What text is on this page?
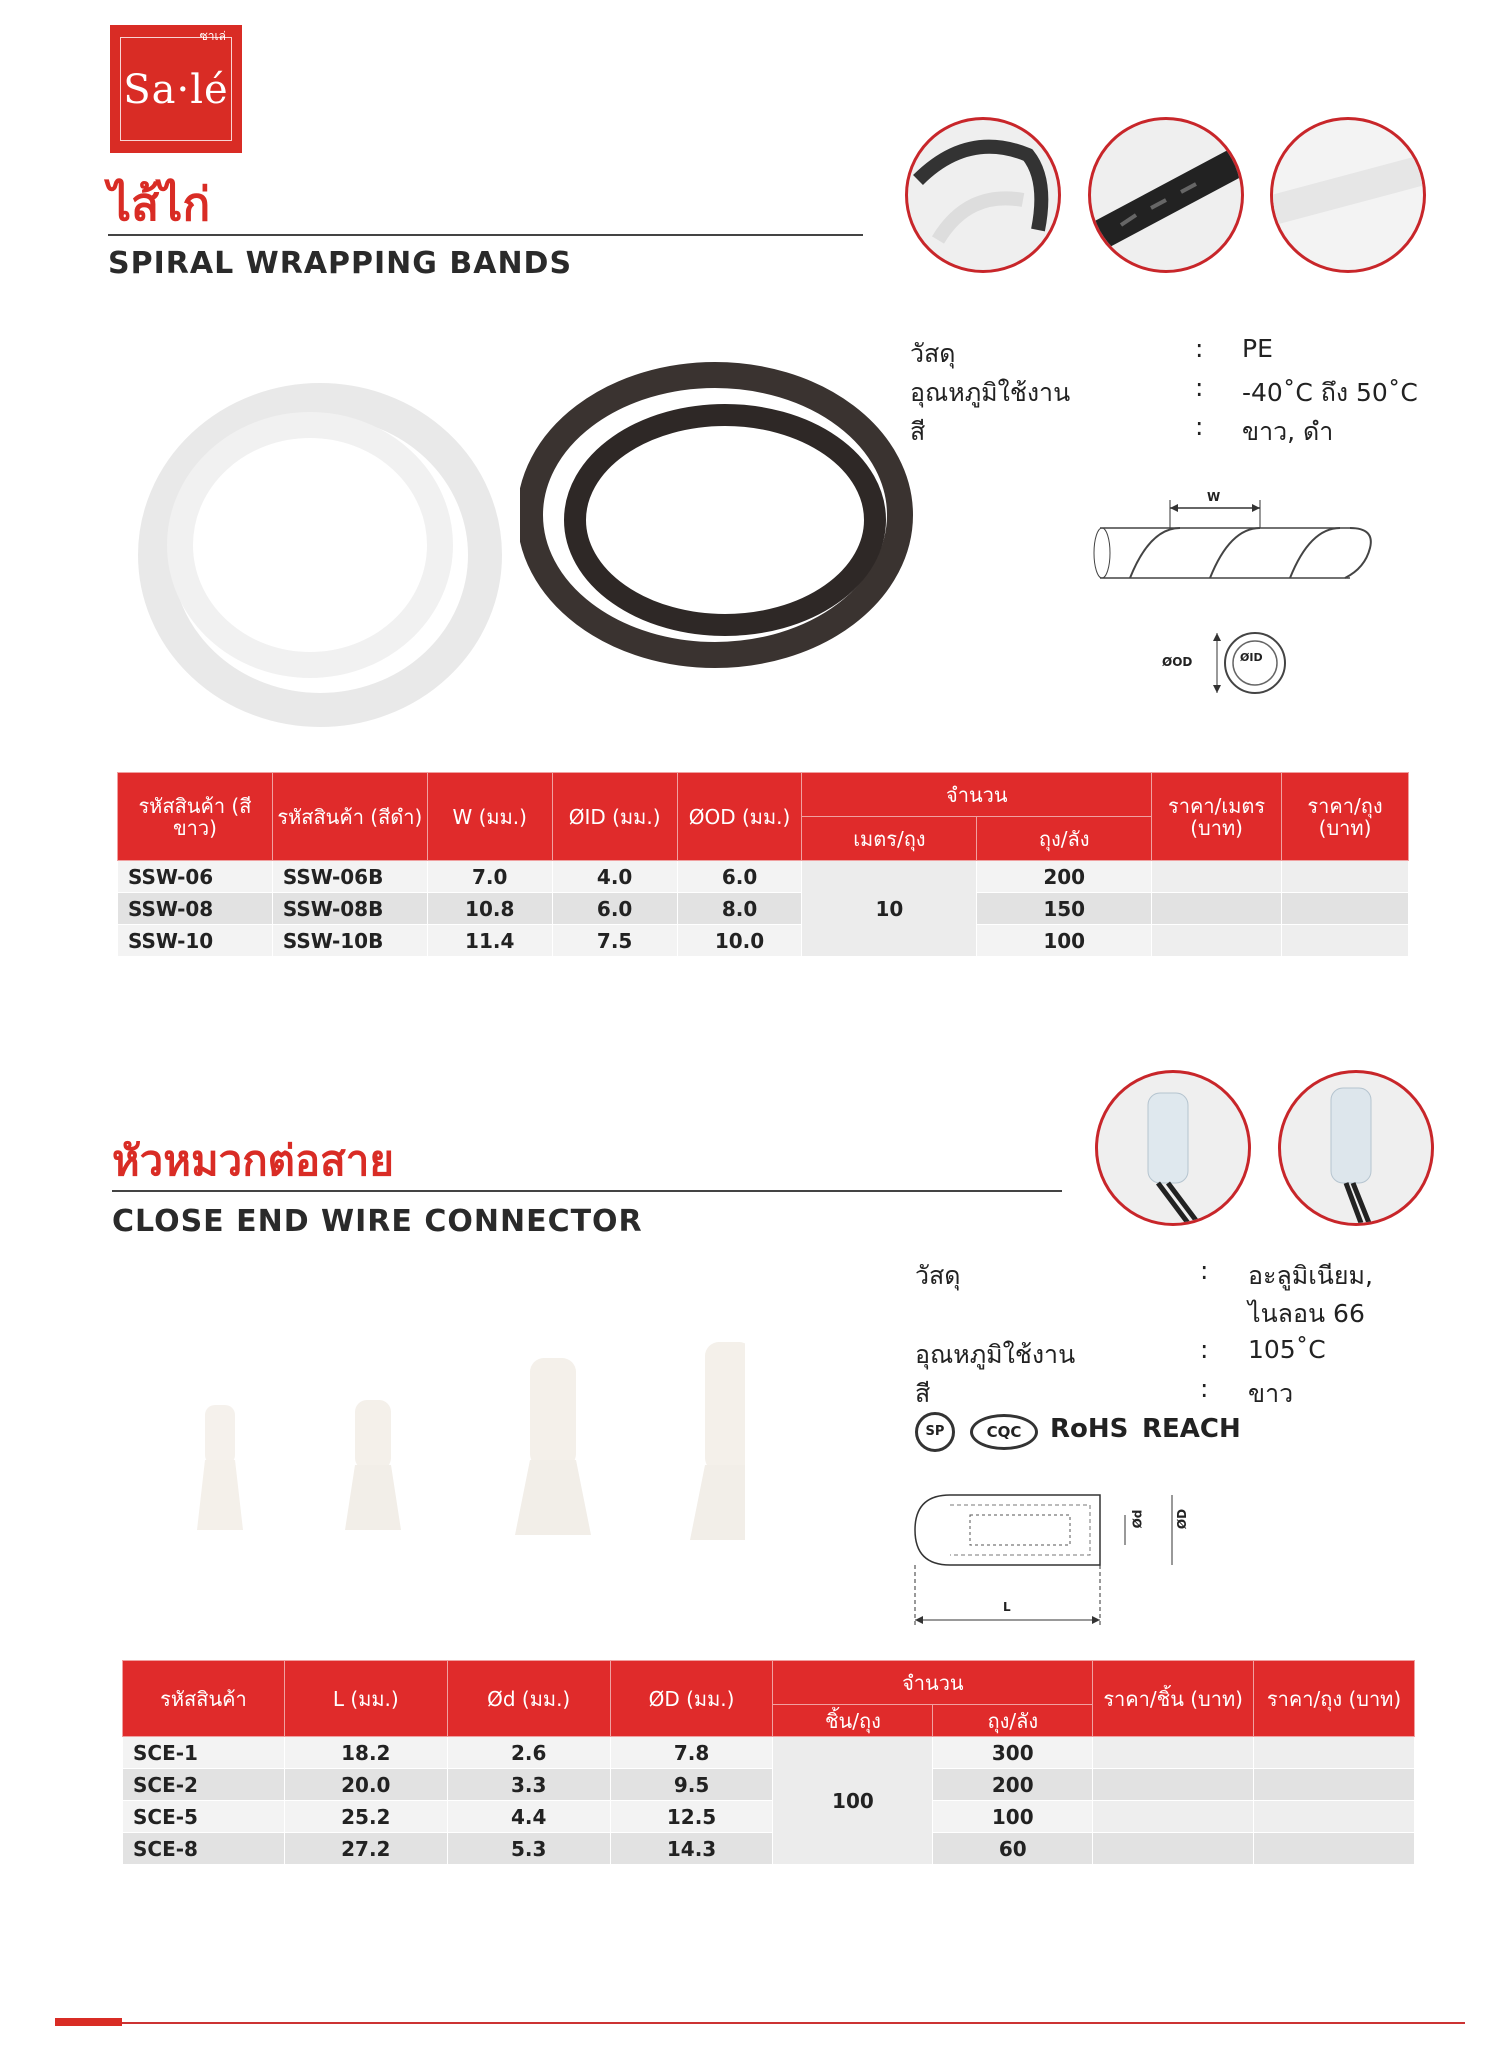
ซาเล่
Sa·lé
ไส้ไก่
SPIRAL WRAPPING BANDS
วัสดุ	: PE
อุณหภูมิใช้งาน	: -40˚C ถึง 50˚C
สี	: ขาว, ดำ
W
ØOD	ØID
รหัสสินค้า (สีขาว)	รหัสสินค้า (สีดำ)	W (มม.)	ØID (มม.)	ØOD (มม.)	จำนวน		ราคา/เมตร (บาท)	ราคา/ถุง (บาท)
					เมตร/ถุง	ถุง/ลัง		
SSW-06	SSW-06B	7.0	4.0	6.0	10	200		
SSW-08	SSW-08B	10.8	6.0	8.0		150		
SSW-10	SSW-10B	11.4	7.5	10.0		100		
หัวหมวกต่อสาย
CLOSE END WIRE CONNECTOR
วัสดุ	: อะลูมิเนียม,
ไนลอน 66
อุณหภูมิใช้งาน	: 105˚C
สี	: ขาว
SP	CQC	RoHS REACH
Ød	ØD
L
รหัสสินค้า	L (มม.)	Ød (มม.)	ØD (มม.)	จำนวน		ราคา/ชิ้น (บาท)	ราคา/ถุง (บาท)
				ชิ้น/ถุง	ถุง/ลัง		
SCE-1	18.2	2.6	7.8	100	300		
SCE-2	20.0	3.3	9.5		200		
SCE-5	25.2	4.4	12.5		100		
SCE-8	27.2	5.3	14.3		60		
